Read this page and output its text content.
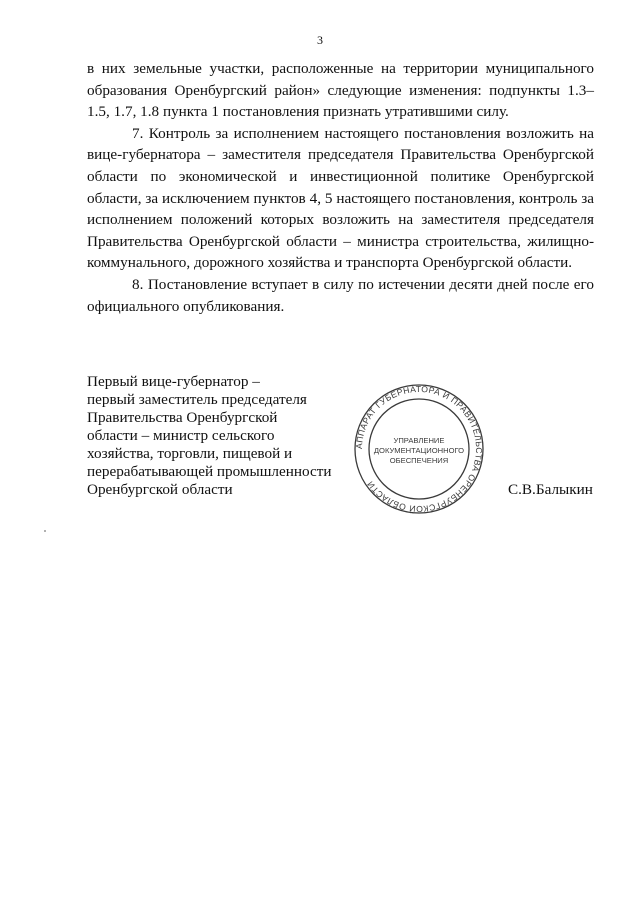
3

в них земельные участки, расположенные на территории муниципального образования Оренбургский район» следующие изменения: подпункты 1.3–1.5, 1.7, 1.8 пункта 1 постановления признать утратившими силу.

7. Контроль за исполнением настоящего постановления возложить на вице-губернатора – заместителя председателя Правительства Оренбургской области по экономической и инвестиционной политике Оренбургской области, за исключением пунктов 4, 5 настоящего постановления, контроль за исполнением положений которых возложить на заместителя председателя Правительства Оренбургской области – министра строительства, жилищно-коммунального, дорожного хозяйства и транспорта Оренбургской области.

8. Постановление вступает в силу по истечении десяти дней после его официального опубликования.

Первый вице-губернатор –
первый заместитель председателя
Правительства Оренбургской
области – министр сельского
хозяйства, торговли, пищевой и
перерабатывающей промышленности
Оренбургской области	С.В.Балыкин
АППАРАТ ГУБЕРНАТОРА И ПРАВИТЕЛЬСТВА ОРЕНБУРГСКОЙ ОБЛАСТИ
УПРАВЛЕНИЕ
ДОКУМЕНТАЦИОННОГО
ОБЕСПЕЧЕНИЯ
